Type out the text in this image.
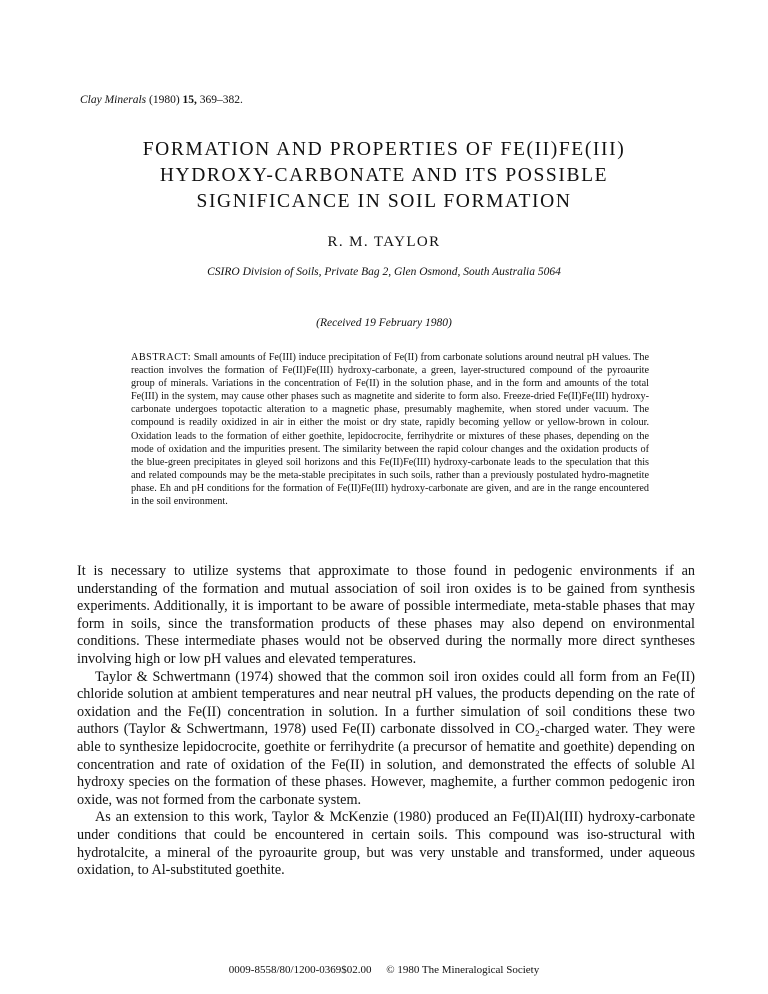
Clay Minerals (1980) 15, 369–382.
FORMATION AND PROPERTIES OF FE(II)FE(III)
HYDROXY-CARBONATE AND ITS POSSIBLE
SIGNIFICANCE IN SOIL FORMATION
R. M. TAYLOR
CSIRO Division of Soils, Private Bag 2, Glen Osmond, South Australia 5064
(Received 19 February 1980)
ABSTRACT: Small amounts of Fe(III) induce precipitation of Fe(II) from carbonate solutions around neutral pH values. The reaction involves the formation of Fe(II)Fe(III) hydroxy-carbonate, a green, layer-structured compound of the pyroaurite group of minerals. Variations in the concentration of Fe(II) in the solution phase, and in the form and amounts of the total Fe(III) in the system, may cause other phases such as magnetite and siderite to form also. Freeze-dried Fe(II)Fe(III) hydroxy-carbonate undergoes topotactic alteration to a magnetic phase, presumably maghemite, when stored under vacuum. The compound is readily oxidized in air in either the moist or dry state, rapidly becoming yellow or yellow-brown in colour. Oxidation leads to the formation of either goethite, lepidocrocite, ferrihydrite or mixtures of these phases, depending on the mode of oxidation and the impurities present. The similarity between the rapid colour changes and the oxidation products of the blue-green precipitates in gleyed soil horizons and this Fe(II)Fe(III) hydroxy-carbonate leads to the speculation that this and related compounds may be the meta-stable precipitates in such soils, rather than a previously postulated hydro-magnetite phase. Eh and pH conditions for the formation of Fe(II)Fe(III) hydroxy-carbonate are given, and are in the range encountered in the soil environment.

It is necessary to utilize systems that approximate to those found in pedogenic environments if an understanding of the formation and mutual association of soil iron oxides is to be gained from synthesis experiments. Additionally, it is important to be aware of possible intermediate, meta-stable phases that may form in soils, since the transformation products of these phases may also depend on environmental conditions. These intermediate phases would not be observed during the normally more direct syntheses involving high or low pH values and elevated temperatures.

Taylor & Schwertmann (1974) showed that the common soil iron oxides could all form from an Fe(II) chloride solution at ambient temperatures and near neutral pH values, the products depending on the rate of oxidation and the Fe(II) concentration in solution. In a further simulation of soil conditions these two authors (Taylor & Schwertmann, 1978) used Fe(II) carbonate dissolved in CO₂-charged water. They were able to synthesize lepidocrocite, goethite or ferrihydrite (a precursor of hematite and goethite) depending on concentration and rate of oxidation of the Fe(II) in solution, and demonstrated the effects of soluble Al hydroxy species on the formation of these phases. However, maghemite, a further common pedogenic iron oxide, was not formed from the carbonate system.

As an extension to this work, Taylor & McKenzie (1980) produced an Fe(II)Al(III) hydroxy-carbonate under conditions that could be encountered in certain soils. This compound was iso-structural with hydrotalcite, a mineral of the pyroaurite group, but was very unstable and transformed, under aqueous oxidation, to Al-substituted goethite.

0009-8558/80/1200-0369$02.00 © 1980 The Mineralogical Society
